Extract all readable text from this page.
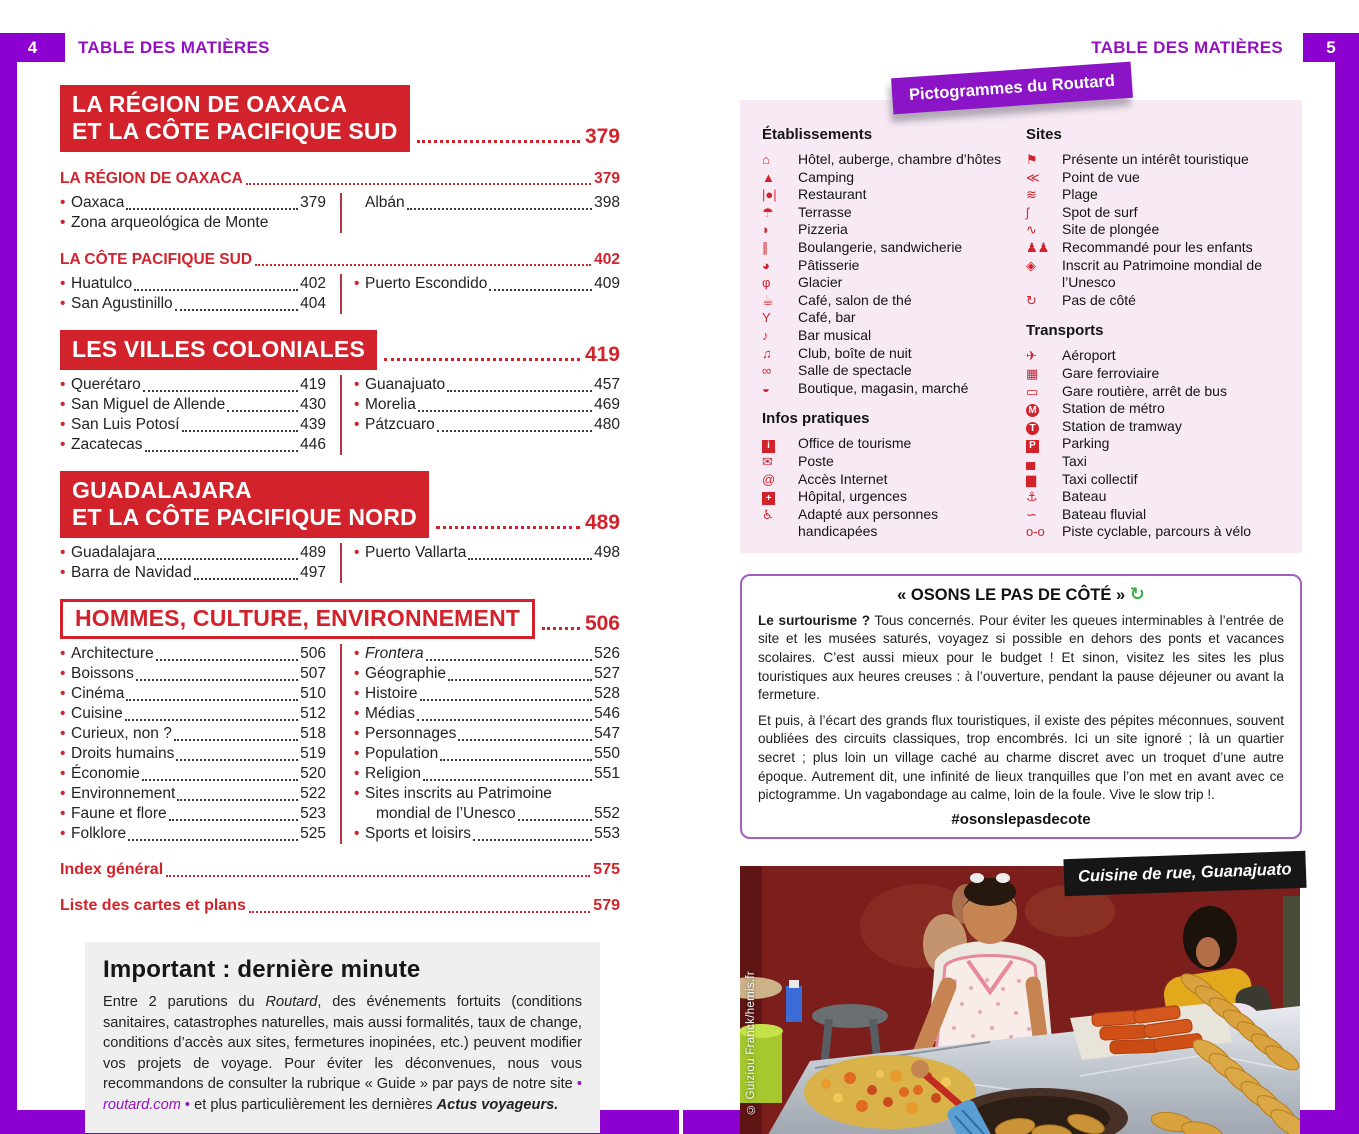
4	5
TABLE DES MATIÈRES	TABLE DES MATIÈRES
LA RÉGION DE OAXACA
ET LA CÔTE PACIFIQUE SUD	379
LA RÉGION DE OAXACA	379
• Oaxaca	379
• Zona arqueológica de Monte
Albán	398
LA CÔTE PACIFIQUE SUD	402
• Huatulco	402
• San Agustinillo	404
• Puerto Escondido	409
LES VILLES COLONIALES	419
• Querétaro	419
• San Miguel de Allende	430
• San Luis Potosí	439
• Zacatecas	446
• Guanajuato	457
• Morelia	469
• Pátzcuaro	480
GUADALAJARA
ET LA CÔTE PACIFIQUE NORD	489
• Guadalajara	489
• Barra de Navidad	497
• Puerto Vallarta	498
HOMMES, CULTURE, ENVIRONNEMENT	506
• Architecture	506
• Boissons	507
• Cinéma	510
• Cuisine	512
• Curieux, non ?	518
• Droits humains	519
• Économie	520
• Environnement	522
• Faune et flore	523
• Folklore	525
• Frontera	526
• Géographie	527
• Histoire	528
• Médias	546
• Personnages	547
• Population	550
• Religion	551
• Sites inscrits au Patrimoine
mondial de l’Unesco	552
• Sports et loisirs	553
Index général	575
Liste des cartes et plans	579
Important : dernière minute
Entre 2 parutions du Routard, des événements fortuits (conditions sanitaires, catastrophes naturelles, mais aussi formalités, taux de change, conditions d’accès aux sites, fermetures inopinées, etc.) peuvent modifier vos projets de voyage. Pour éviter les déconvenues, nous vous recommandons de consulter la rubrique « Guide » par pays de notre site • routard.com • et plus particulièrement les dernières Actus voyageurs.
Pictogrammes du Routard
Établissements
⌂	Hôtel, auberge, chambre d’hôtes
▲	Camping
|●|	Restaurant
☂	Terrasse
◗	Pizzeria
∥	Boulangerie, sandwicherie
◕	Pâtisserie
φ	Glacier
☕	Café, salon de thé
Y	Café, bar
♪	Bar musical
♫	Club, boîte de nuit
∞	Salle de spectacle
◒	Boutique, magasin, marché
Infos pratiques
i	Office de tourisme
✉	Poste
@	Accès Internet
+	Hôpital, urgences
♿	Adapté aux personnes handicapées
Sites
⚑	Présente un intérêt touristique
≪	Point de vue
≋	Plage
ʃ	Spot de surf
∿	Site de plongée
♟♟ Recommandé pour les enfants
◈	Inscrit au Patrimoine mondial de l’Unesco
↻	Pas de côté
Transports
✈	Aéroport
▦	Gare ferroviaire
▭	Gare routière, arrêt de bus
M	Station de métro
T	Station de tramway
P	Parking
▄	Taxi
▆	Taxi collectif
⚓	Bateau
∽	Bateau fluvial
o-o	Piste cyclable, parcours à vélo
« OSONS LE PAS DE CÔTÉ » ↻

Le surtourisme ? Tous concernés. Pour éviter les queues interminables à l’entrée de site et les musées saturés, voyagez si possible en dehors des ponts et vacances scolaires. C’est aussi mieux pour le budget ! Et sinon, visitez les sites les plus touristiques aux heures creuses : à l’ouverture, pendant la pause déjeuner ou avant la fermeture.

Et puis, à l’écart des grands flux touristiques, il existe des pépites méconnues, souvent oubliées des circuits classiques, trop encombrés. Ici un site ignoré ; là un quartier secret ; plus loin un village caché au charme discret avec un troquet d’une autre époque. Autrement dit, une infinité de lieux tranquilles que l’on met en avant avec ce pictogramme. Un vagabondage au calme, loin de la foule. Vive le slow trip !.

#osonslepasdecote
Cuisine de rue, Guanajuato
© Guiziou Franck/hemis.fr
